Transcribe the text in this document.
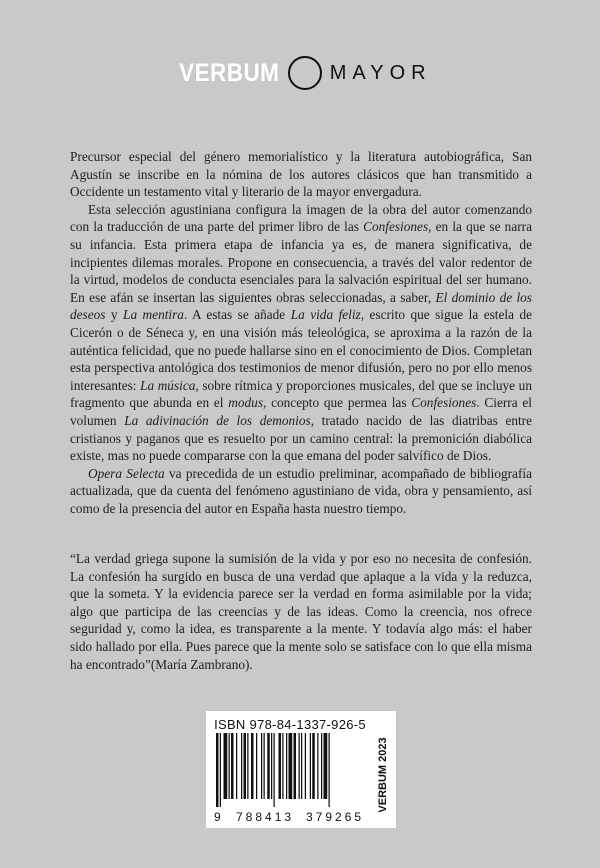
VERBUM	MAYOR

Precursor especial del género memorialístico y la literatura autobiográfica, San Agustín se inscribe en la nómina de los autores clásicos que han transmitido a Occidente un testamento vital y literario de la mayor envergadura.

Esta selección agustiniana configura la imagen de la obra del autor comenzando con la traducción de una parte del primer libro de las Confesiones, en la que se narra su infancia. Esta primera etapa de infancia ya es, de manera significativa, de incipientes dilemas morales. Propone en consecuencia, a través del valor redentor de la virtud, modelos de conducta esenciales para la salvación espiritual del ser humano. En ese afán se insertan las siguientes obras seleccionadas, a saber, El dominio de los deseos y La mentira. A estas se añade La vida feliz, escrito que sigue la estela de Cicerón o de Séneca y, en una visión más teleológica, se aproxima a la razón de la auténtica felicidad, que no puede hallarse sino en el conocimiento de Dios. Completan esta perspectiva antológica dos testimonios de menor difusión, pero no por ello menos interesantes: La música, sobre rítmica y proporciones musicales, del que se incluye un fragmento que abunda en el modus, concepto que permea las Confesiones. Cierra el volumen La adivinación de los demonios, tratado nacido de las diatribas entre cristianos y paganos que es resuelto por un camino central: la premonición diabólica existe, mas no puede compararse con la que emana del poder salvífico de Dios.

Opera Selecta va precedida de un estudio preliminar, acompañado de bibliografía actualizada, que da cuenta del fenómeno agustiniano de vida, obra y pensamiento, así como de la presencia del autor en España hasta nuestro tiempo.

“La verdad griega supone la sumisión de la vida y por eso no necesita de confesión. La confesión ha surgido en busca de una verdad que aplaque a la vida y la reduzca, que la someta. Y la evidencia parece ser la verdad en forma asimilable por la vida; algo que participa de las creencias y de las ideas. Como la creencia, nos ofrece seguridad y, como la idea, es transparente a la mente. Y todavía algo más: el haber sido hallado por ella. Pues parece que la mente solo se satisface con lo que ella misma ha encontrado”(María Zambrano).

ISBN 978-84-1337-926-5
VERBUM 2023
9 788413 379265
